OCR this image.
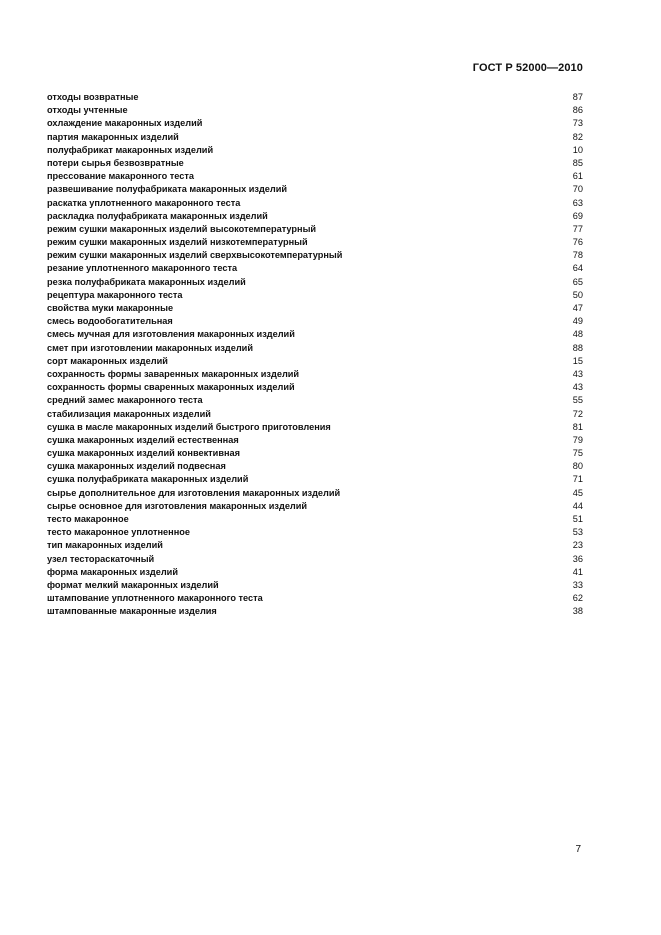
ГОСТ Р 52000—2010
отходы возвратные	87
отходы учтенные	86
охлаждение макаронных изделий	73
партия макаронных изделий	82
полуфабрикат макаронных изделий	10
потери сырья безвозвратные	85
прессование макаронного теста	61
развешивание полуфабриката макаронных изделий	70
раскатка уплотненного макаронного теста	63
раскладка полуфабриката макаронных изделий	69
режим сушки макаронных изделий высокотемпературный	77
режим сушки макаронных изделий низкотемпературный	76
режим сушки макаронных изделий сверхвысокотемпературный	78
резание уплотненного макаронного теста	64
резка полуфабриката макаронных изделий	65
рецептура макаронного теста	50
свойства муки макаронные	47
смесь водообогатительная	49
смесь мучная для изготовления макаронных изделий	48
смет при изготовлении макаронных изделий	88
сорт макаронных изделий	15
сохранность формы заваренных макаронных изделий	43
сохранность формы сваренных макаронных изделий	43
средний замес макаронного теста	55
стабилизация макаронных изделий	72
сушка в масле макаронных изделий быстрого приготовления	81
сушка макаронных изделий естественная	79
сушка макаронных изделий конвективная	75
сушка макаронных изделий подвесная	80
сушка полуфабриката макаронных изделий	71
сырье дополнительное для изготовления макаронных изделий	45
сырье основное для изготовления макаронных изделий	44
тесто макаронное	51
тесто макаронное уплотненное	53
тип макаронных изделий	23
узел тестораскаточный	36
форма макаронных изделий	41
формат мелкий макаронных изделий	33
штампование уплотненного макаронного теста	62
штампованные макаронные изделия	38
7
